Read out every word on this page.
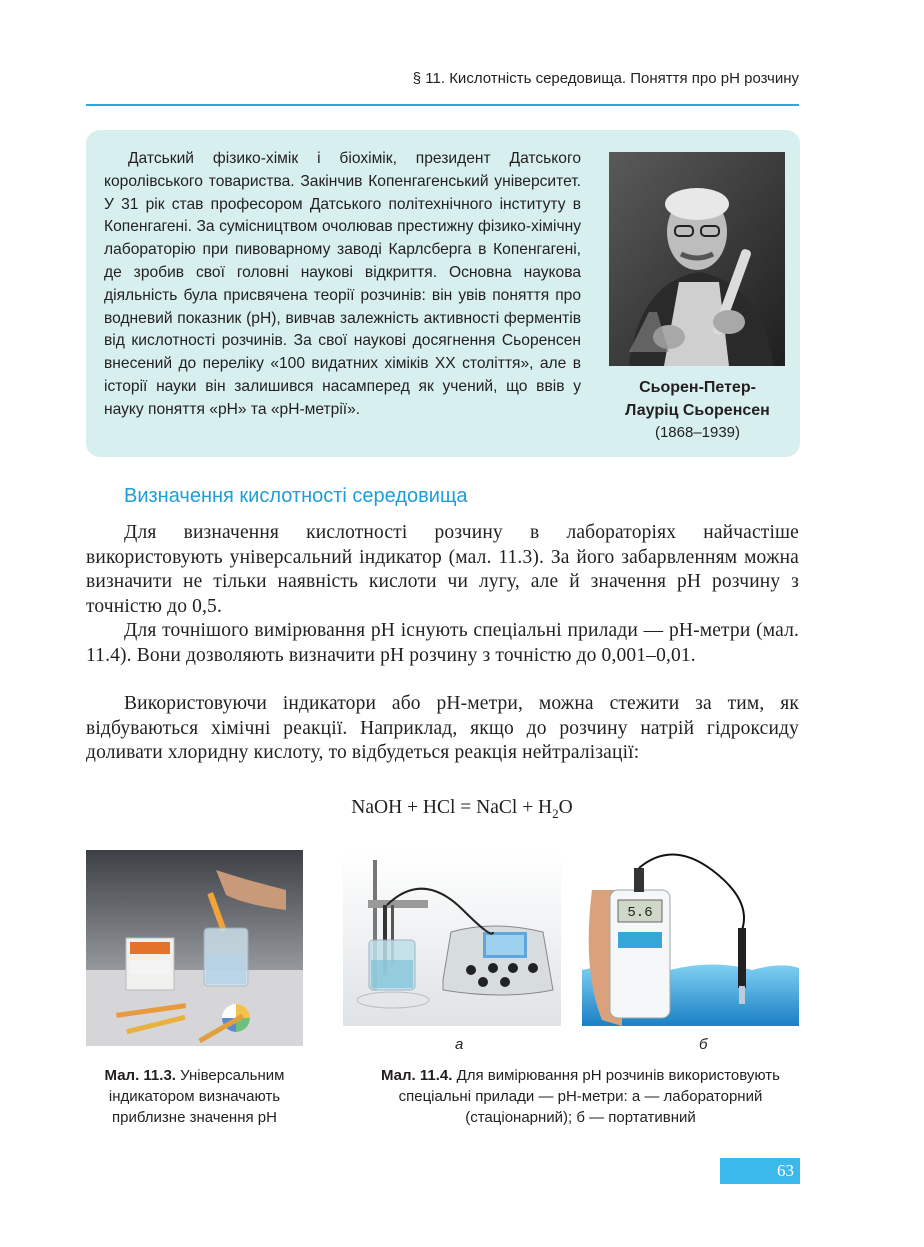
§ 11. Кислотність середовища. Поняття про рН розчину

Датський фізико-хімік і біохімік, президент Датського королівського товариства. Закінчив Копенгагенський університет. У 31 рік став професором Датського політехнічного інституту в Копенгагені. За сумісництвом очолював престижну фізико-хімічну лабораторію при пивоварному заводі Карлсберга в Копенгагені, де зробив свої головні наукові відкриття. Основна наукова діяльність була присвячена теорії розчинів: він увів поняття про водневий показник (рН), вивчав залежність активності ферментів від кислотності розчинів. За свої наукові досягнення Сьоренсен внесений до переліку «100 видатних хіміків XX століття», але в історії науки він залишився насамперед як учений, що ввів у науку поняття «рН» та «рН-метрії».

Сьорен-Петер-
Лауріц Сьоренсен
(1868–1939)
Визначення кислотності середовища

Для визначення кислотності розчину в лабораторіях найчастіше використовують універсальний індикатор (мал. 11.3). За його забарвленням можна визначити не тільки наявність кислоти чи лугу, але й значення рН розчину з точністю до 0,5.

Для точнішого вимірювання рН існують спеціальні прилади — рН-метри (мал. 11.4). Вони дозволяють визначити рН розчину з точністю до 0,001–0,01.

Використовуючи індикатори або рН-метри, можна стежити за тим, як відбуваються хімічні реакції. Наприклад, якщо до розчину натрій гідроксиду доливати хлоридну кислоту, то відбудеться реакція нейтралізації:

NaOH + HCl = NaCl + $H_2O$
5.6
а	б
Мал. 11.3. Універсальним індикатором визначають приблизне значення рН
Мал. 11.4. Для вимірювання рН розчинів використовують спеціальні прилади — рН-метри: а — лабораторний (стаціонарний); б — портативний
63
